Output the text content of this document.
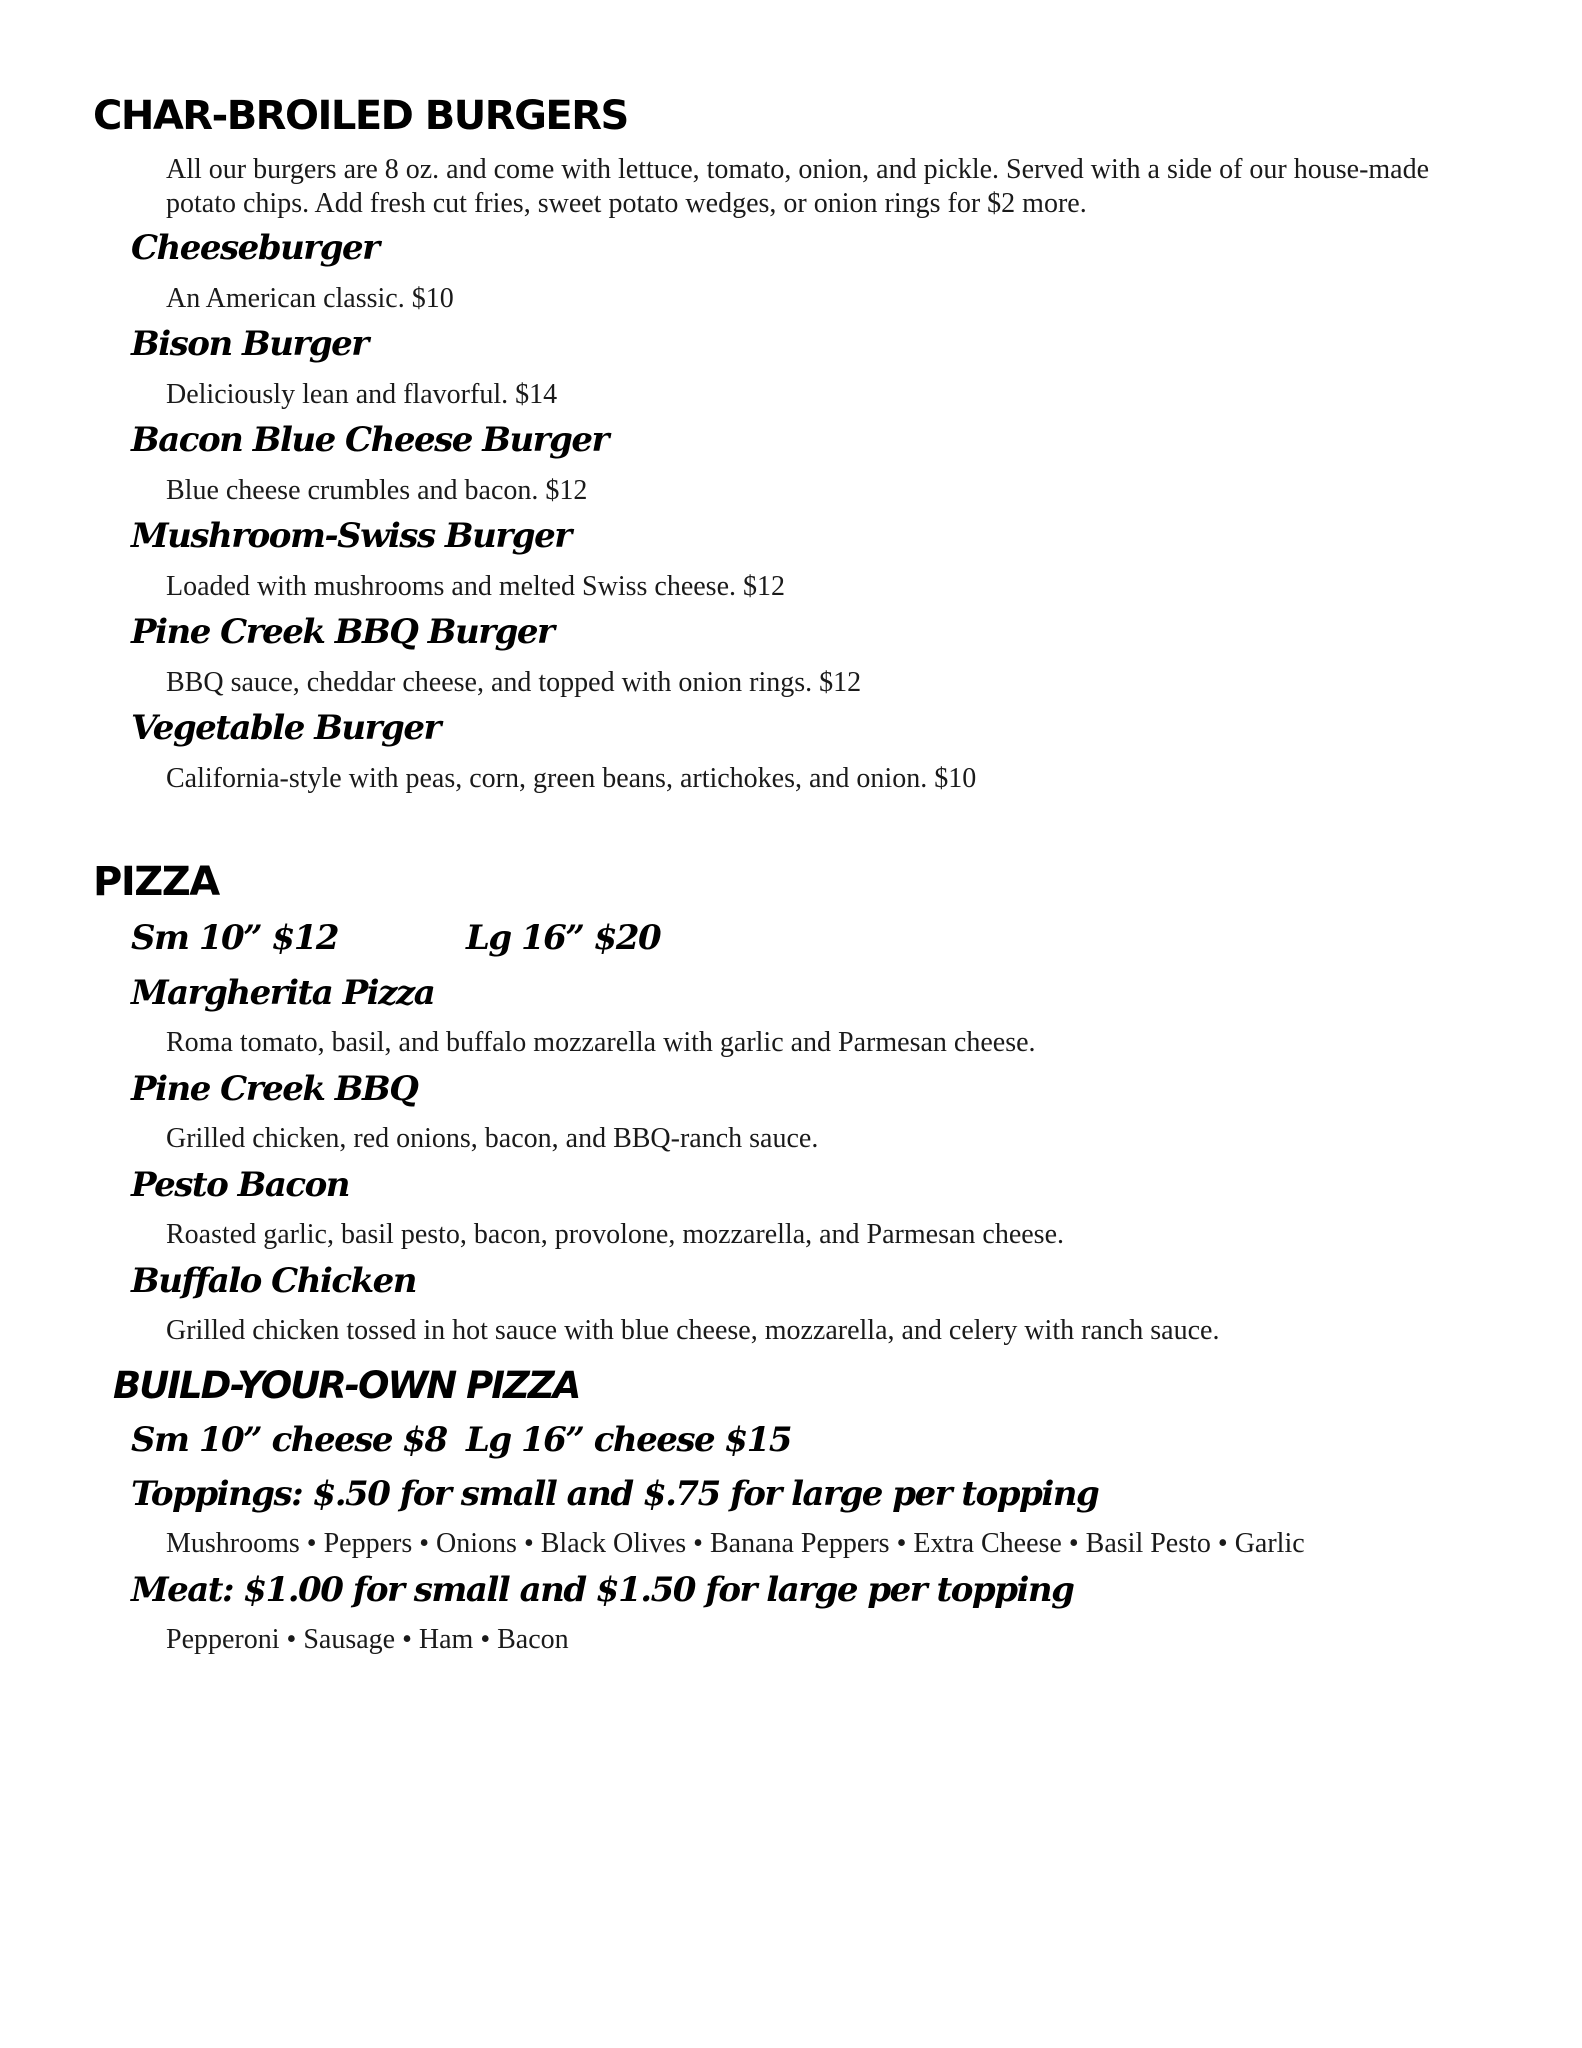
CHAR-BROILED BURGERS

All our burgers are 8 oz. and come with lettuce, tomato, onion, and pickle. Served with a side of our house-made potato chips. Add fresh cut fries, sweet potato wedges, or onion rings for $2 more.

Cheeseburger
An American classic. $10
Bison Burger
Deliciously lean and flavorful. $14
Bacon Blue Cheese Burger
Blue cheese crumbles and bacon. $12
Mushroom-Swiss Burger
Loaded with mushrooms and melted Swiss cheese. $12
Pine Creek BBQ Burger
BBQ sauce, cheddar cheese, and topped with onion rings. $12
Vegetable Burger
California-style with peas, corn, green beans, artichokes, and onion. $10
PIZZA
Sm 10” $12	Lg 16” $20
Margherita Pizza
Roma tomato, basil, and buffalo mozzarella with garlic and Parmesan cheese.
Pine Creek BBQ
Grilled chicken, red onions, bacon, and BBQ-ranch sauce.
Pesto Bacon
Roasted garlic, basil pesto, bacon, provolone, mozzarella, and Parmesan cheese.
Buffalo Chicken
Grilled chicken tossed in hot sauce with blue cheese, mozzarella, and celery with ranch sauce.
BUILD-YOUR-OWN PIZZA
Sm 10” cheese $8 Lg 16” cheese $15
Toppings: $.50 for small and $.75 for large per topping
Mushrooms • Peppers • Onions • Black Olives • Banana Peppers • Extra Cheese • Basil Pesto • Garlic
Meat: $1.00 for small and $1.50 for large per topping
Pepperoni • Sausage • Ham • Bacon
